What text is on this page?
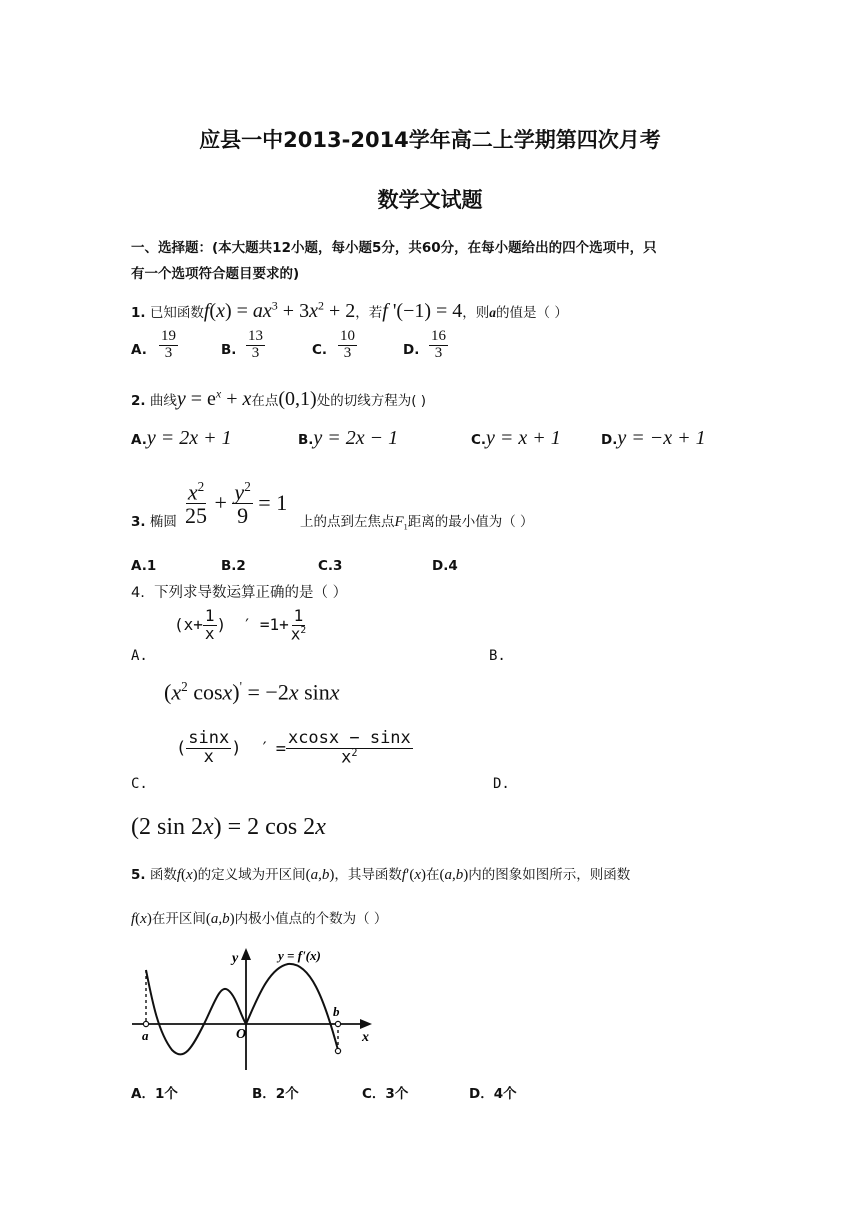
应县一中2013-2014学年高二上学期第四次月考
数学文试题
一、选择题：(本大题共12小题，每小题5分，共60分，在每小题给出的四个选项中，只
有一个选项符合题目要求的)
1. 已知函数$f(x) = ax^3 + 3x^2 + 2$，若f '(−1) = 4，则a的值是（ ）
A. $\frac{19}{3}$	B. $\frac{13}{3}$	C. $\frac{10}{3}$	D. $\frac{16}{3}$
2. 曲线$y = e^x + x$在点(0,1)处的切线方程为( )
A.y = 2x + 1	B.y = 2x − 1	C.y = x + 1	D.y = −x + 1
3. 椭圆 $\frac{x^2}{25} + \frac{y^2}{9} = 1$
上的点到左焦点$F_1$距离的最小值为（ ）
A.1	B.2	C.3	D.4
4. 下列求导数运算正确的是（ ）
($x+ \frac{1}{x}$ ) ′ $=1+ \frac{1}{x^2}$
A.	B.
($x^2$ cosx)' = −2x sinx
( $\frac{\sin x}{x}$ ) ′ = $\frac{xcosx - \sin x}{x^2}$
C.	D.
(2 sin 2x) = 2 cos 2x
5. 函数f(x)的定义域为开区间(a,b)，其导函数f′(x)在(a,b)内的图象如图所示，则函数
f(x)在开区间(a,b)内极小值点的个数为（ ）
y	y = f'(x)
O
a
b
x
A．1个	B．2个	C．3个	D．4个
